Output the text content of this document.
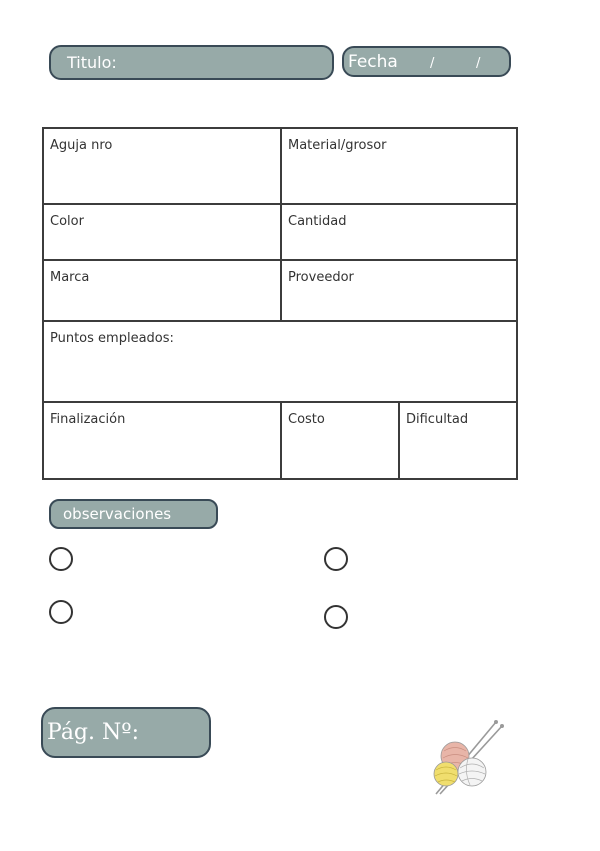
Titulo:	Fecha /	/
Aguja nro	Material/grosor
Color	Cantidad
Marca	Proveedor
Puntos empleados:
Finalización	Costo	Dificultad
observaciones
Pág. Nº:
